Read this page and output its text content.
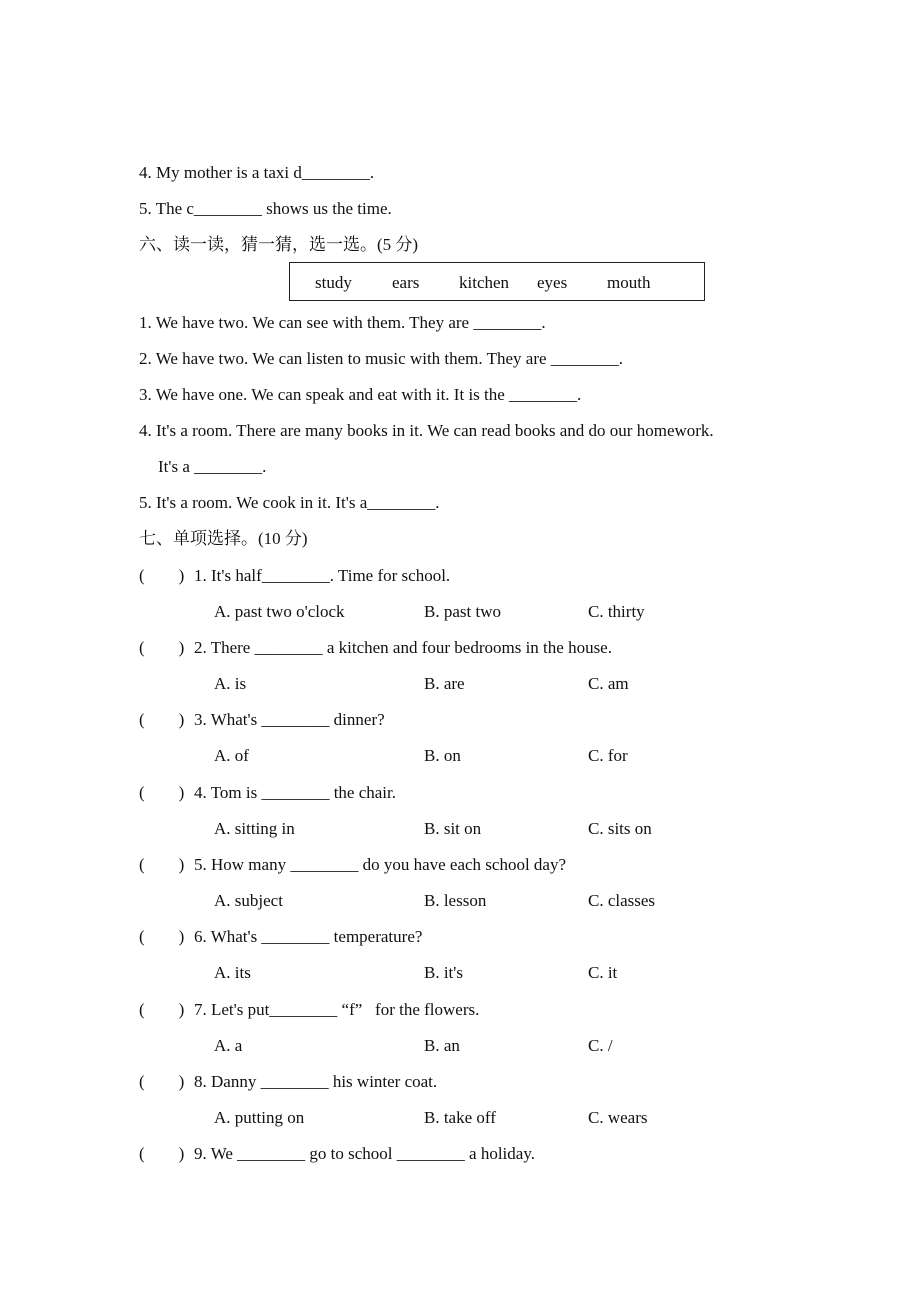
4. My mother is a taxi d________.
5. The c________ shows us the time.
六、读一读，猜一猜，选一选。(5 分)
study ears kitchen eyes mouth
1. We have two. We can see with them. They are ________.
2. We have two. We can listen to music with them. They are ________.
3. We have one. We can speak and eat with it. It is the ________.
4. It's a room. There are many books in it. We can read books and do our homework.
It's a ________.
5. It's a room. We cook in it. It's a________.
七、单项选择。(10 分)
(        ) 1. It's half________. Time for school.
A. past two o'clock	B. past two	C. thirty
(        ) 2. There ________ a kitchen and four bedrooms in the house.
A. is	B. are	C. am
(        ) 3. What's ________ dinner?
A. of	B. on	C. for
(        ) 4. Tom is ________ the chair.
A. sitting in	B. sit on	C. sits on
(        ) 5. How many ________ do you have each school day?
A. subject	B. lesson	C. classes
(        ) 6. What's ________ temperature?
A. its	B. it's	C. it
(        ) 7. Let's put________ “f”   for the flowers.
A. a	B. an	C. /
(        ) 8. Danny ________ his winter coat.
A. putting on	B. take off	C. wears
(        ) 9. We ________ go to school ________ a holiday.
